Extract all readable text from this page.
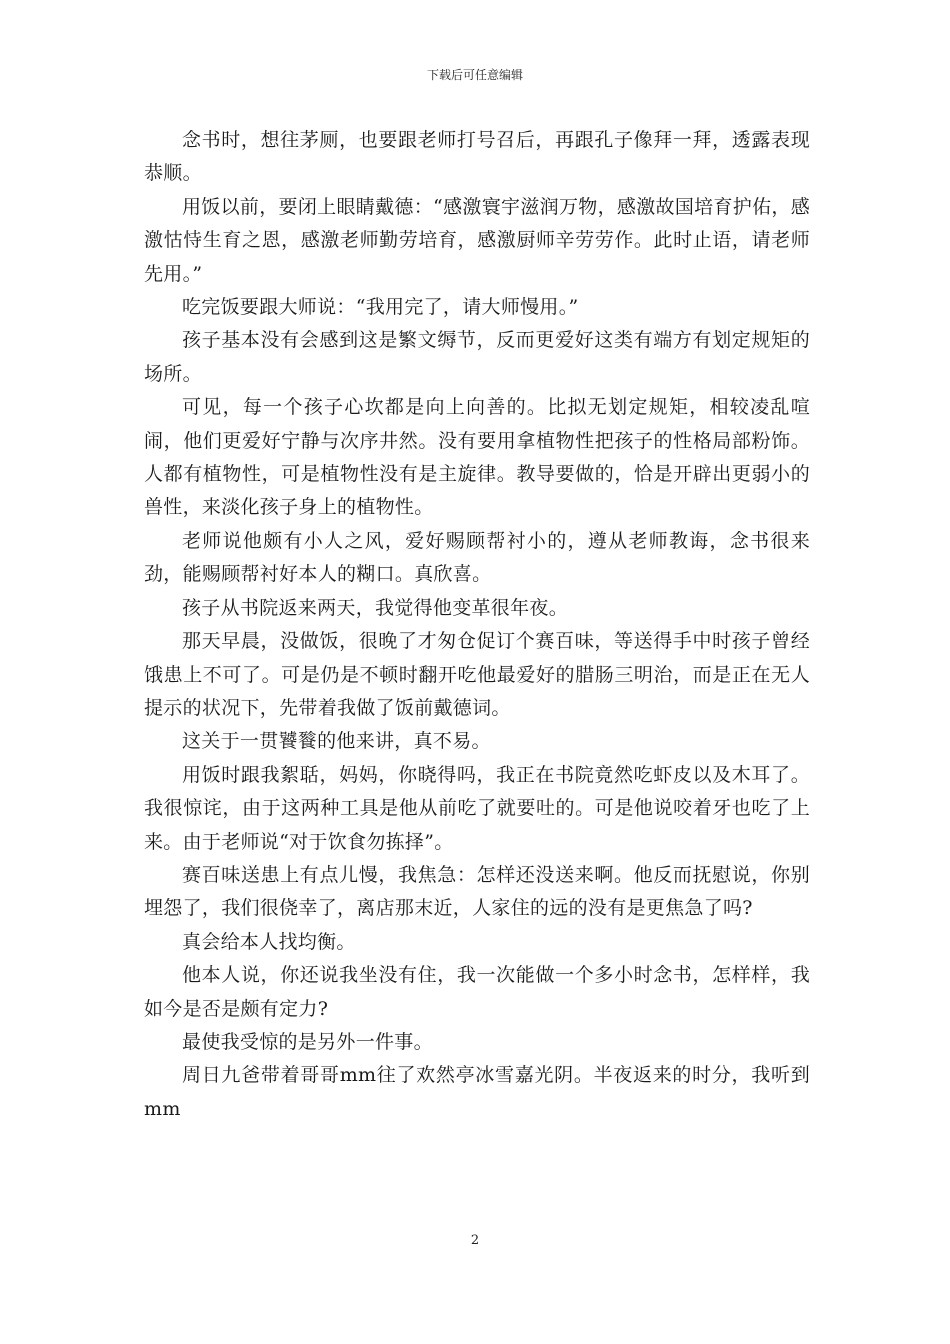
下载后可任意编辑

念书时，想往茅厕，也要跟老师打号召后，再跟孔子像拜一拜，透露表现恭顺。

用饭以前，要闭上眼睛戴德：“感激寰宇滋润万物，感激故国培育护佑，感激怙恃生育之恩，感激老师勤劳培育，感激厨师辛劳劳作。此时止语，请老师先用。”

吃完饭要跟大师说：“我用完了，请大师慢用。”

孩子基本没有会感到这是繁文缛节，反而更爱好这类有端方有划定规矩的场所。

可见，每一个孩子心坎都是向上向善的。比拟无划定规矩，相较凌乱喧闹，他们更爱好宁静与次序井然。没有要用拿植物性把孩子的性格局部粉饰。人都有植物性，可是植物性没有是主旋律。教导要做的，恰是开辟出更弱小的兽性，来淡化孩子身上的植物性。

老师说他颇有小人之风，爱好赐顾帮衬小的，遵从老师教诲，念书很来劲，能赐顾帮衬好本人的糊口。真欣喜。

孩子从书院返来两天，我觉得他变革很年夜。

那天早晨，没做饭，很晚了才匆仓促订个赛百味，等送得手中时孩子曾经饿患上不可了。可是仍是不顿时翻开吃他最爱好的腊肠三明治，而是正在无人提示的状况下，先带着我做了饭前戴德词。

这关于一贯饕餮的他来讲，真不易。

用饭时跟我絮聒，妈妈，你晓得吗，我正在书院竟然吃虾皮以及木耳了。我很惊诧，由于这两种工具是他从前吃了就要吐的。可是他说咬着牙也吃了上来。由于老师说“对于饮食勿拣择”。

赛百味送患上有点儿慢，我焦急：怎样还没送来啊。他反而抚慰说，你别埋怨了，我们很侥幸了，离店那末近，人家住的远的没有是更焦急了吗?

真会给本人找均衡。

他本人说，你还说我坐没有住，我一次能做一个多小时念书，怎样样，我如今是否是颇有定力?

最使我受惊的是另外一件事。

周日九爸带着哥哥mm往了欢然亭冰雪嘉光阴。半夜返来的时分，我听到mm

2
